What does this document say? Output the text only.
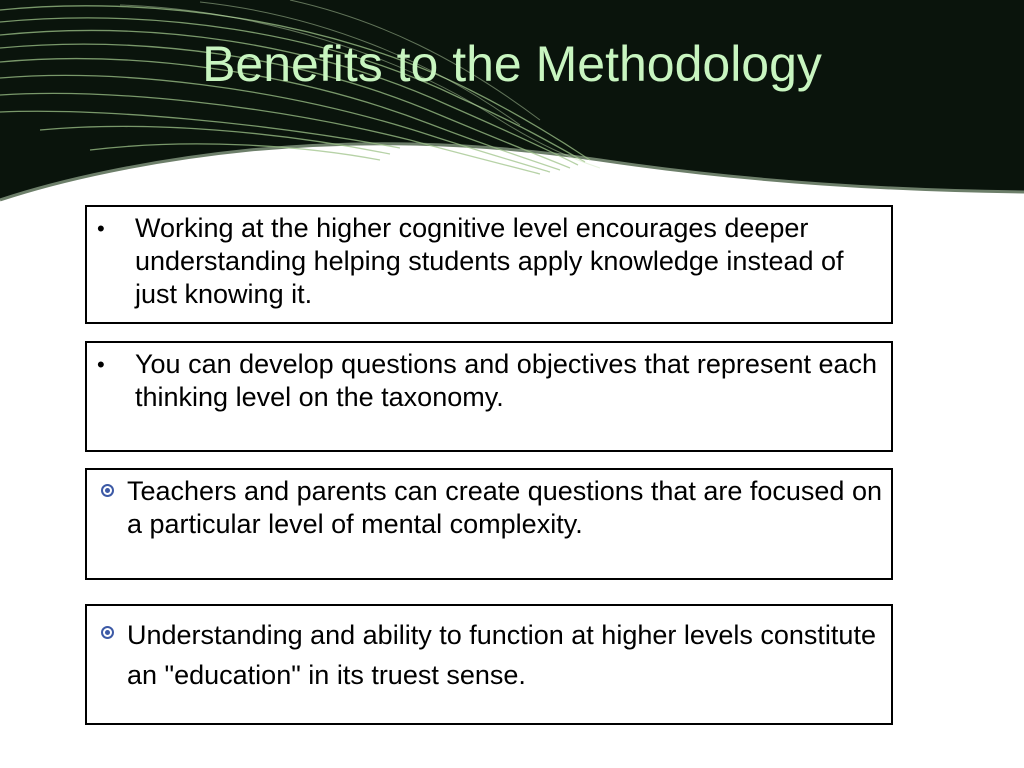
Benefits to the Methodology
• Working at the higher cognitive level encourages deeper understanding helping students apply knowledge instead of just knowing it.

• You can develop questions and objectives that represent each thinking level on the taxonomy.

Teachers and parents can create questions that are focused on a particular level of mental complexity.

Understanding and ability to function at higher levels constitute an "education" in its truest sense.
